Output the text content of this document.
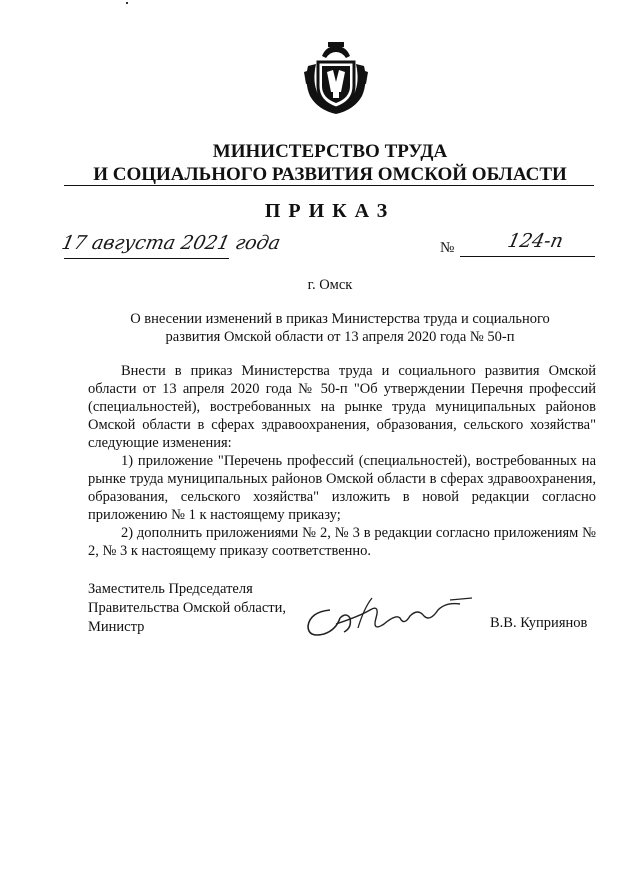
МИНИСТЕРСТВО ТРУДА
И СОЦИАЛЬНОГО РАЗВИТИЯ ОМСКОЙ ОБЛАСТИ
ПРИКАЗ
17 августа 2021 года	№	124-п
г. Омск
О внесении изменений в приказ Министерства труда и социального
развития Омской области от 13 апреля 2020 года № 50-п

Внести в приказ Министерства труда и социального развития Омской области от 13 апреля 2020 года № 50-п "Об утверждении Перечня профессий (специальностей), востребованных на рынке труда муниципальных районов Омской области в сферах здравоохранения, образования, сельского хозяйства" следующие изменения:

1) приложение "Перечень профессий (специальностей), востребованных на рынке труда муниципальных районов Омской области в сферах здравоохранения, образования, сельского хозяйства" изложить в новой редакции согласно приложению № 1 к настоящему приказу;

2) дополнить приложениями № 2, № 3 в редакции согласно приложениям № 2, № 3 к настоящему приказу соответственно.

Заместитель Председателя
Правительства Омской области,
Министр	В.В. Куприянов
